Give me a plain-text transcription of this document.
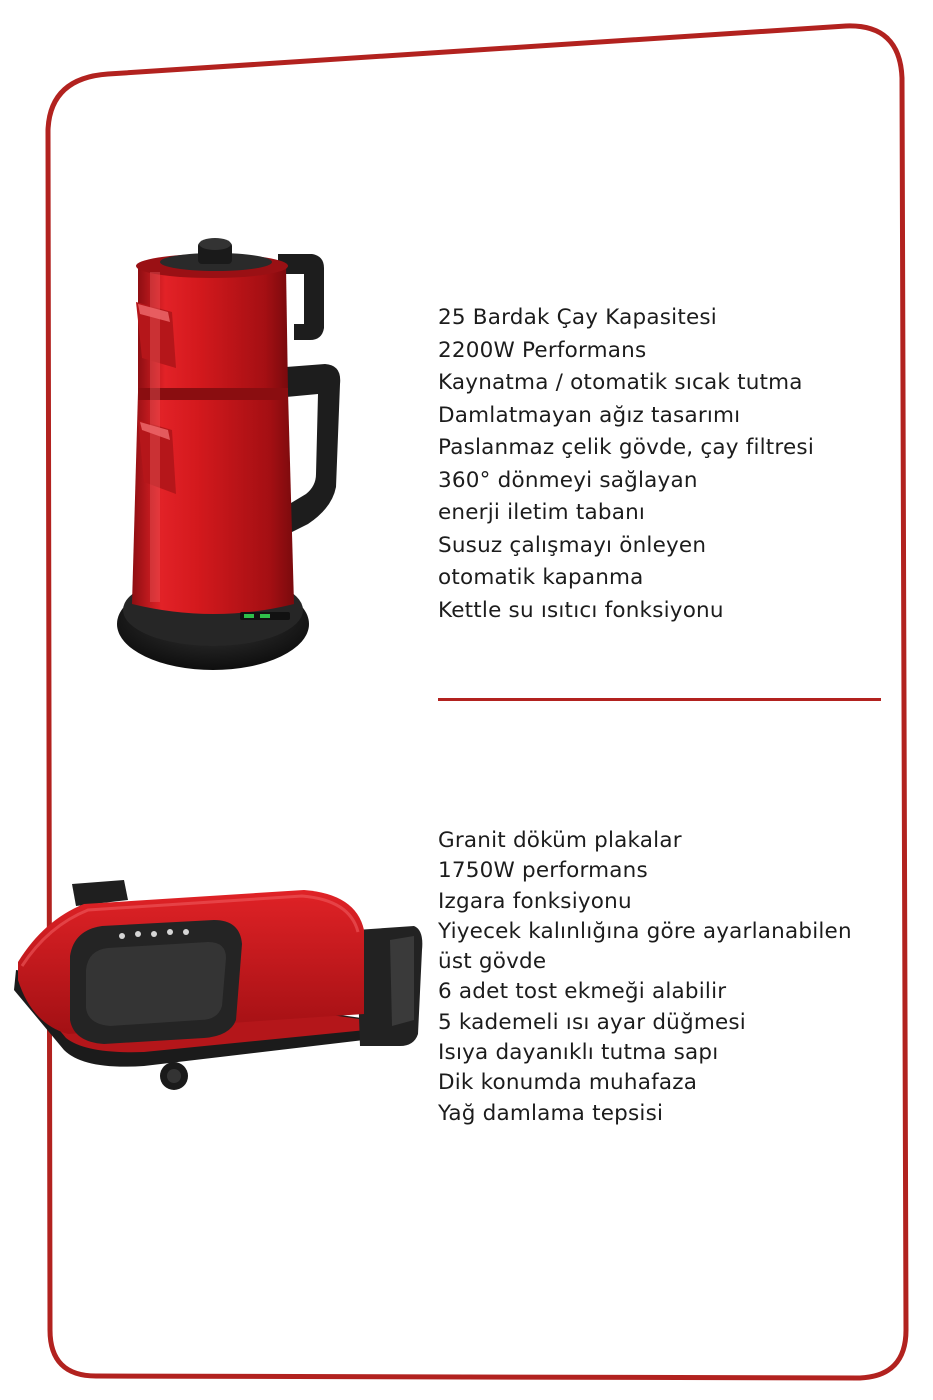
25 Bardak Çay Kapasitesi
2200W Performans
Kaynatma / otomatik sıcak tutma
Damlatmayan ağız tasarımı
Paslanmaz çelik gövde, çay filtresi
360° dönmeyi sağlayan
enerji iletim tabanı
Susuz çalışmayı önleyen
otomatik kapanma
Kettle su ısıtıcı fonksiyonu
Granit döküm plakalar
1750W performans
Izgara fonksiyonu
Yiyecek kalınlığına göre ayarlanabilen
üst gövde
6 adet tost ekmeği alabilir
5 kademeli ısı ayar düğmesi
Isıya dayanıklı tutma sapı
Dik konumda muhafaza
Yağ damlama tepsisi
